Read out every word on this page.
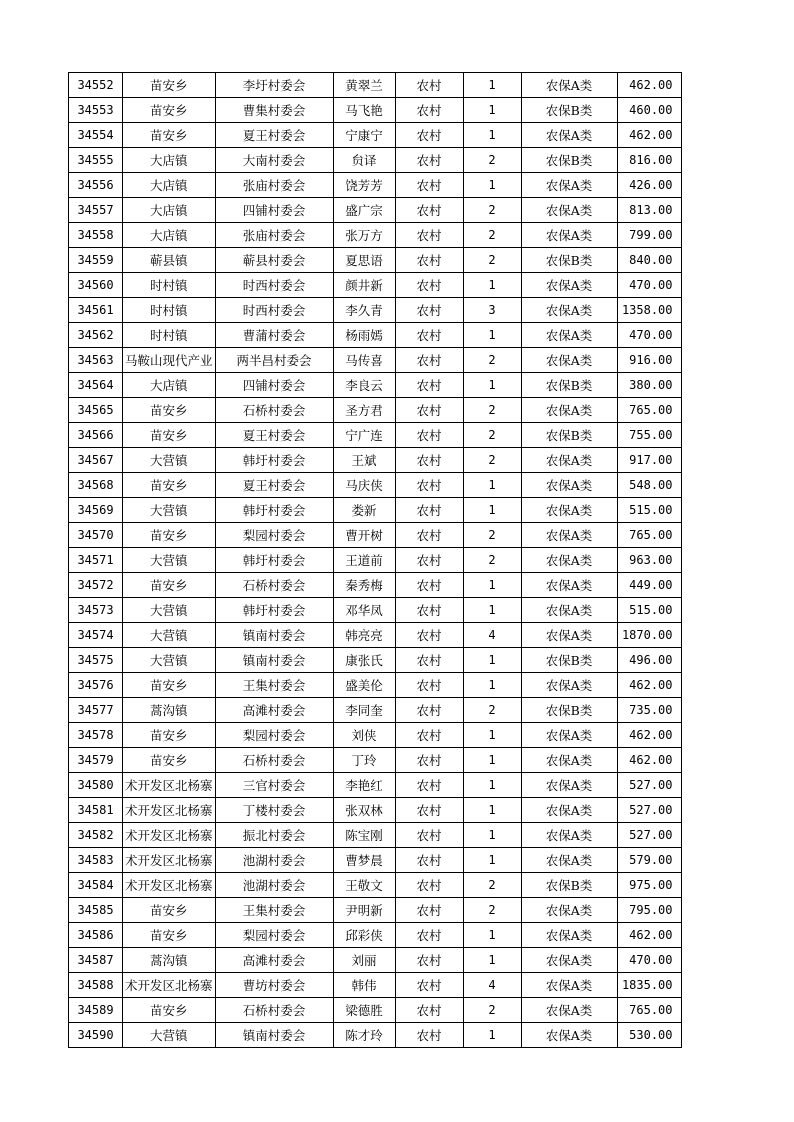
34552	苗安乡	李圩村委会	黄翠兰	农村	1	农保A类	462.00
34553	苗安乡	曹集村委会	马飞艳	农村	1	农保B类	460.00
34554	苗安乡	夏王村委会	宁康宁	农村	1	农保A类	462.00
34555	大店镇	大南村委会	贠译	农村	2	农保B类	816.00
34556	大店镇	张庙村委会	饶芳芳	农村	1	农保A类	426.00
34557	大店镇	四铺村委会	盛广宗	农村	2	农保A类	813.00
34558	大店镇	张庙村委会	张万方	农村	2	农保A类	799.00
34559	蕲县镇	蕲县村委会	夏思语	农村	2	农保B类	840.00
34560	时村镇	时西村委会	颜井新	农村	1	农保A类	470.00
34561	时村镇	时西村委会	李久青	农村	3	农保A类	1358.00
34562	时村镇	曹蒲村委会	杨雨嫣	农村	1	农保A类	470.00
34563	马鞍山现代产业	两半昌村委会	马传喜	农村	2	农保A类	916.00
34564	大店镇	四铺村委会	李良云	农村	1	农保B类	380.00
34565	苗安乡	石桥村委会	圣方君	农村	2	农保A类	765.00
34566	苗安乡	夏王村委会	宁广连	农村	2	农保B类	755.00
34567	大营镇	韩圩村委会	王斌	农村	2	农保A类	917.00
34568	苗安乡	夏王村委会	马庆侠	农村	1	农保A类	548.00
34569	大营镇	韩圩村委会	娄新	农村	1	农保A类	515.00
34570	苗安乡	梨园村委会	曹开树	农村	2	农保A类	765.00
34571	大营镇	韩圩村委会	王道前	农村	2	农保A类	963.00
34572	苗安乡	石桥村委会	秦秀梅	农村	1	农保A类	449.00
34573	大营镇	韩圩村委会	邓华凤	农村	1	农保A类	515.00
34574	大营镇	镇南村委会	韩亮亮	农村	4	农保A类	1870.00
34575	大营镇	镇南村委会	康张氏	农村	1	农保B类	496.00
34576	苗安乡	王集村委会	盛美伦	农村	1	农保A类	462.00
34577	蒿沟镇	高滩村委会	李同奎	农村	2	农保B类	735.00
34578	苗安乡	梨园村委会	刘侠	农村	1	农保A类	462.00
34579	苗安乡	石桥村委会	丁玲	农村	1	农保A类	462.00
34580	术开发区北杨寨	三官村委会	李艳红	农村	1	农保A类	527.00
34581	术开发区北杨寨	丁楼村委会	张双林	农村	1	农保A类	527.00
34582	术开发区北杨寨	振北村委会	陈宝刚	农村	1	农保A类	527.00
34583	术开发区北杨寨	池湖村委会	曹梦晨	农村	1	农保A类	579.00
34584	术开发区北杨寨	池湖村委会	王敬文	农村	2	农保B类	975.00
34585	苗安乡	王集村委会	尹明新	农村	2	农保A类	795.00
34586	苗安乡	梨园村委会	邱彩侠	农村	1	农保A类	462.00
34587	蒿沟镇	高滩村委会	刘丽	农村	1	农保A类	470.00
34588	术开发区北杨寨	曹坊村委会	韩伟	农村	4	农保A类	1835.00
34589	苗安乡	石桥村委会	梁德胜	农村	2	农保A类	765.00
34590	大营镇	镇南村委会	陈才玲	农村	1	农保A类	530.00
